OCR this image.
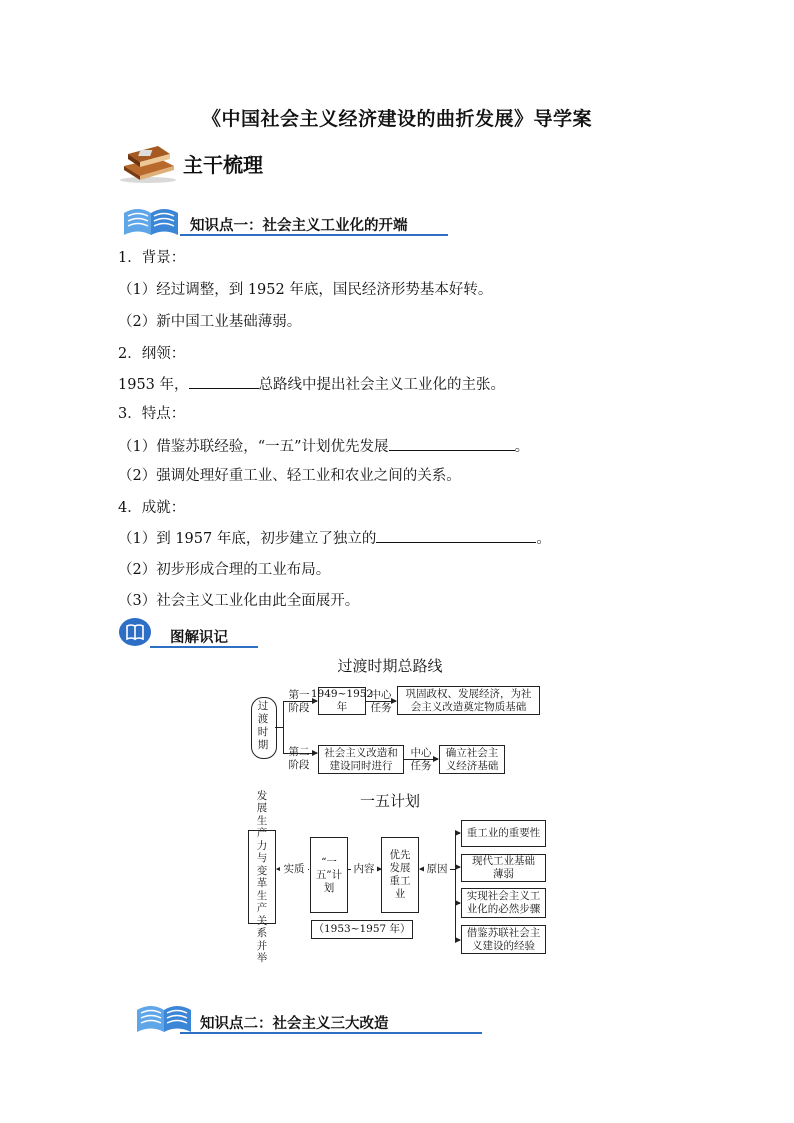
《中国社会主义经济建设的曲折发展》导学案
主干梳理
知识点一：社会主义工业化的开端
1．背景：
（1）经过调整，到 1952 年底，国民经济形势基本好转。
（2）新中国工业基础薄弱。
2．纲领：
1953 年，	总路线中提出社会主义工业化的主张。
3．特点：
（1）借鉴苏联经验，“一五”计划优先发展	。
（2）强调处理好重工业、轻工业和农业之间的关系。
4．成就：
（1）到 1957 年底，初步建立了独立的	。
（2）初步形成合理的工业布局。
（3）社会主义工业化由此全面展开。
图解识记
过渡时期总路线
过渡时期
第一阶段
第二阶段
1949~1952年
中心任务
巩固政权、发展经济，为社会主义改造奠定物质基础
社会主义改造和建设同时进行
中心任务
确立社会主义经济基础
一五计划
发展生产力与变革生产关系并举
实质
“一五”计划
内容
优先发展重工业
原因
（1953~1957 年）
重工业的重要性
现代工业基础薄弱
实现社会主义工业化的必然步骤
借鉴苏联社会主义建设的经验
知识点二：社会主义三大改造
